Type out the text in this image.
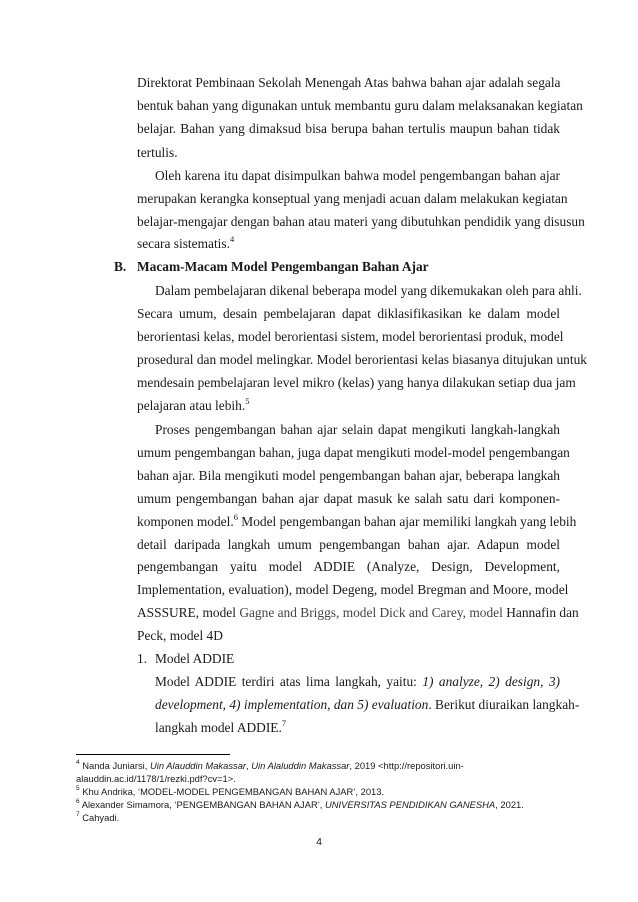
Direktorat Pembinaan Sekolah Menengah Atas bahwa bahan ajar adalah segala
bentuk bahan yang digunakan untuk membantu guru dalam melaksanakan kegiatan
belajar. Bahan yang dimaksud bisa berupa bahan tertulis maupun bahan tidak
tertulis.
Oleh karena itu dapat disimpulkan bahwa model pengembangan bahan ajar
merupakan kerangka konseptual yang menjadi acuan dalam melakukan kegiatan
belajar-mengajar dengan bahan atau materi yang dibutuhkan pendidik yang disusun
secara sistematis.$^4$
B. Macam-Macam Model Pengembangan Bahan Ajar
Dalam pembelajaran dikenal beberapa model yang dikemukakan oleh para ahli.
Secara umum, desain pembelajaran dapat diklasifikasikan ke dalam model
berorientasi kelas, model berorientasi sistem, model berorientasi produk, model
prosedural dan model melingkar. Model berorientasi kelas biasanya ditujukan untuk
mendesain pembelajaran level mikro (kelas) yang hanya dilakukan setiap dua jam
pelajaran atau lebih.$^5$
Proses pengembangan bahan ajar selain dapat mengikuti langkah-langkah
umum pengembangan bahan, juga dapat mengikuti model-model pengembangan
bahan ajar. Bila mengikuti model pengembangan bahan ajar, beberapa langkah
umum pengembangan bahan ajar dapat masuk ke salah satu dari komponen-
komponen model.$^6$ Model pengembangan bahan ajar memiliki langkah yang lebih
detail daripada langkah umum pengembangan bahan ajar. Adapun model
pengembangan yaitu model ADDIE (Analyze, Design, Development,
Implementation, evaluation), model Degeng, model Bregman and Moore, model
ASSSURE, model Gagne and Briggs, model Dick and Carey, model Hannafin dan
Peck, model 4D
1. Model ADDIE
Model ADDIE terdiri atas lima langkah, yaitu: 1) analyze, 2) design, 3)
development, 4) implementation, dan 5) evaluation. Berikut diuraikan langkah-
langkah model ADDIE.$^7$
$^4$ Nanda Juniarsi, Uin Alauddin Makassar, Uin Alaluddin Makassar, 2019 <http://repositori.uin-
alauddin.ac.id/1178/1/rezki.pdf?cv=1>.
$^5$ Khu Andrika, ‘MODEL-MODEL PENGEMBANGAN BAHAN AJAR’, 2013.
$^6$ Alexander Simamora, ‘PENGEMBANGAN BAHAN AJAR’, UNIVERSITAS PENDIDIKAN GANESHA, 2021.
$^7$ Cahyadi.
4
